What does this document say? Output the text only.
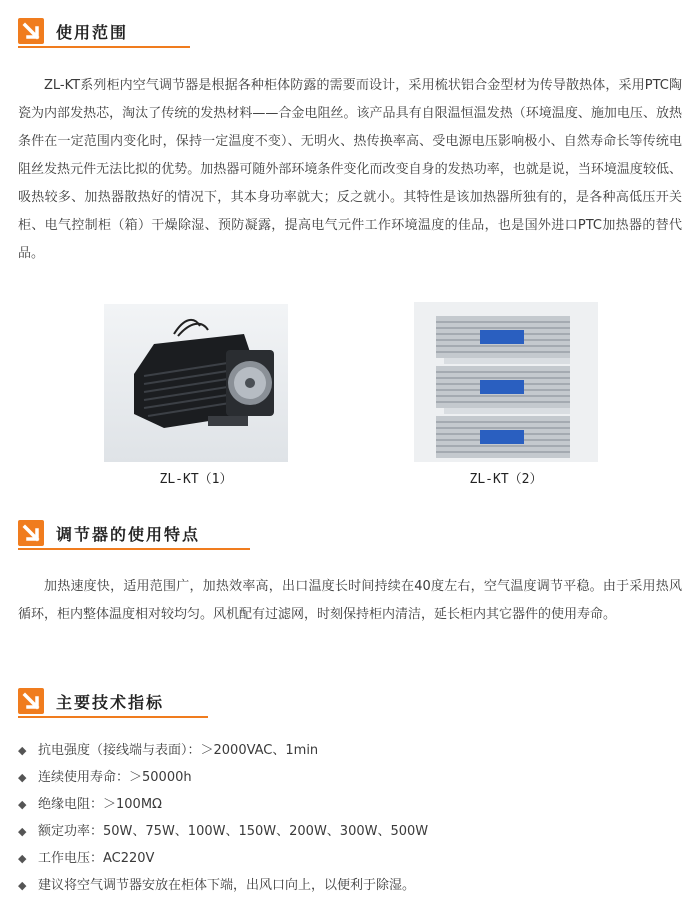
使用范围

ZL-KT系列柜内空气调节器是根据各种柜体防露的需要而设计，采用梳状铝合金型材为传导散热体，采用PTC陶瓷为内部发热芯，淘汰了传统的发热材料——合金电阻丝。该产品具有自限温恒温发热（环境温度、施加电压、放热条件在一定范围内变化时，保持一定温度不变）、无明火、热传换率高、受电源电压影响极小、自然寿命长等传统电阻丝发热元件无法比拟的优势。加热器可随外部环境条件变化而改变自身的发热功率，也就是说，当环境温度较低、吸热较多、加热器散热好的情况下，其本身功率就大；反之就小。其特性是该加热器所独有的，是各种高低压开关柜、电气控制柜（箱）干燥除湿、预防凝露，提高电气元件工作环境温度的佳品，也是国外进口PTC加热器的替代品。

ZL-KT（1）	ZL-KT（2）
调节器的使用特点

加热速度快，适用范围广，加热效率高，出口温度长时间持续在40度左右，空气温度调节平稳。由于采用热风循环，柜内整体温度相对较均匀。风机配有过滤网，时刻保持柜内清洁，延长柜内其它器件的使用寿命。

主要技术指标
◆ 抗电强度（接线端与表面）：＞2000VAC、1min
◆ 连续使用寿命：＞50000h
◆ 绝缘电阻：＞100MΩ
◆ 额定功率：50W、75W、100W、150W、200W、300W、500W
◆ 工作电压：AC220V
◆ 建议将空气调节器安放在柜体下端，出风口向上，以便利于除湿。
